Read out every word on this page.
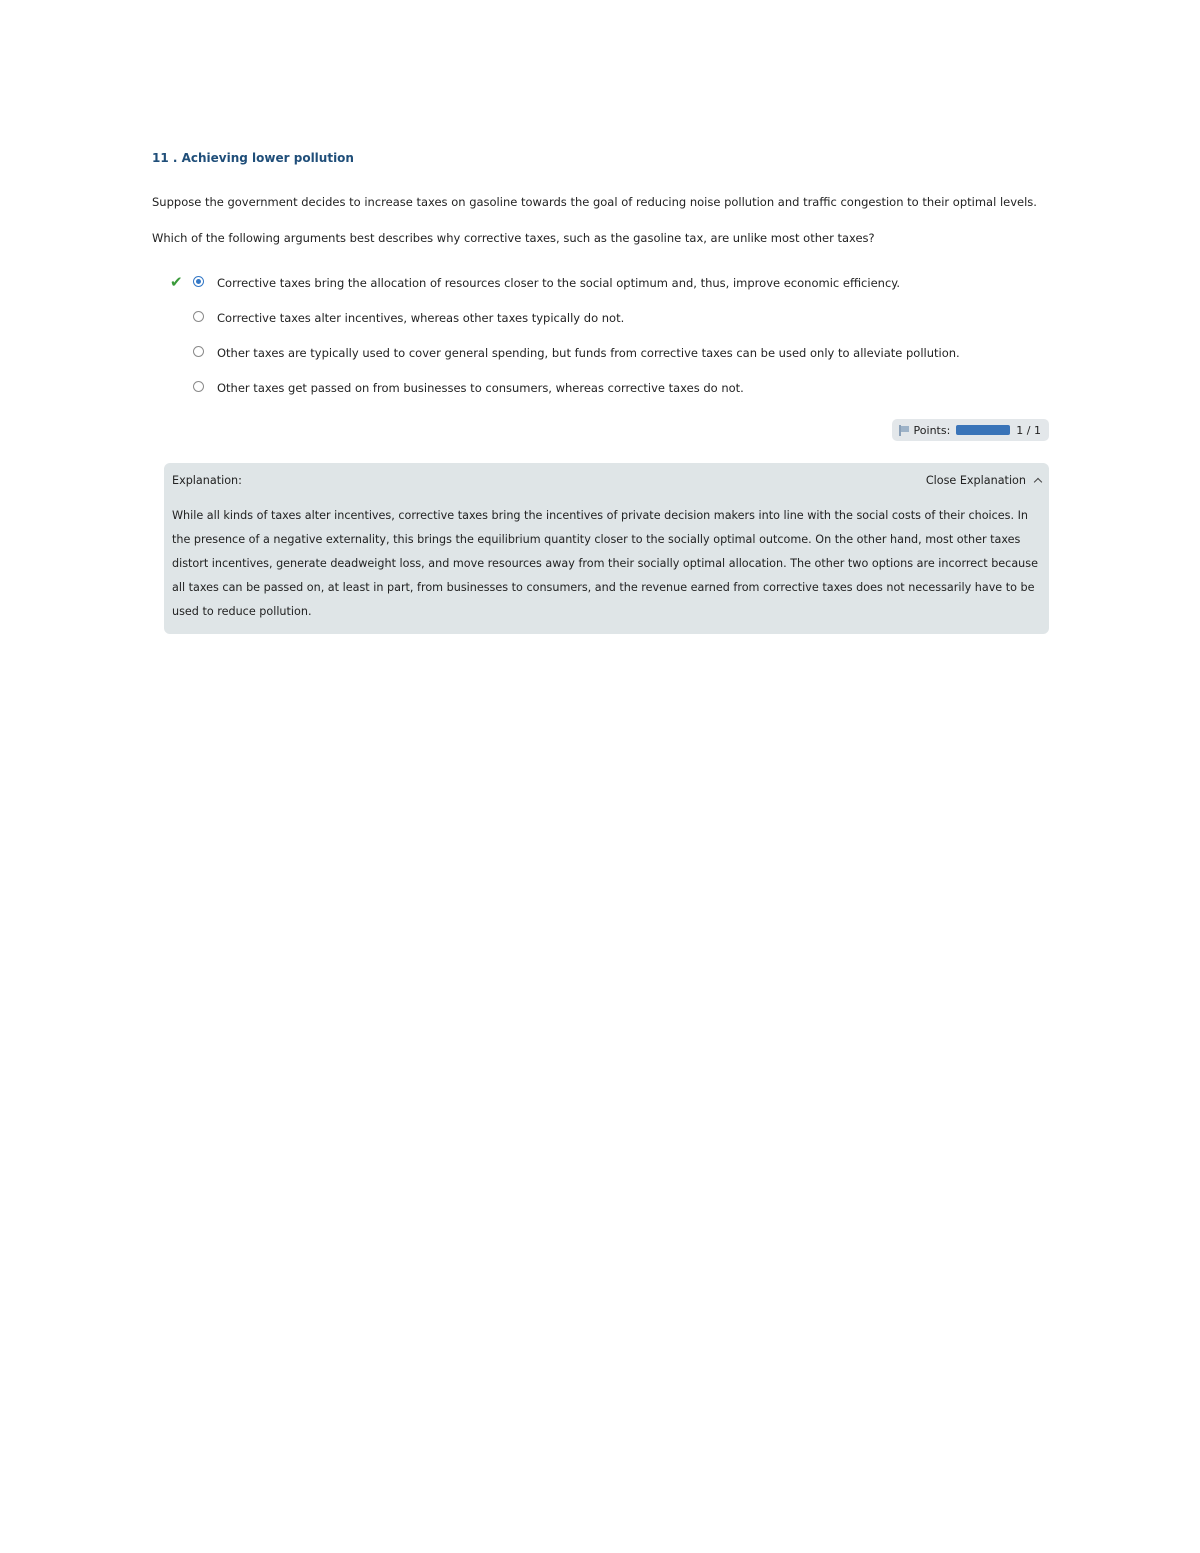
11 . Achieving lower pollution

Suppose the government decides to increase taxes on gasoline towards the goal of reducing noise pollution and traffic congestion to their optimal levels.

Which of the following arguments best describes why corrective taxes, such as the gasoline tax, are unlike most other taxes?

✔	Corrective taxes bring the allocation of resources closer to the social optimum and, thus, improve economic efficiency.
Corrective taxes alter incentives, whereas other taxes typically do not.
Other taxes are typically used to cover general spending, but funds from corrective taxes can be used only to alleviate pollution.
Other taxes get passed on from businesses to consumers, whereas corrective taxes do not.
Points:	1 / 1
Explanation:	Close Explanation

While all kinds of taxes alter incentives, corrective taxes bring the incentives of private decision makers into line with the social costs of their choices. In the presence of a negative externality, this brings the equilibrium quantity closer to the socially optimal outcome. On the other hand, most other taxes distort incentives, generate deadweight loss, and move resources away from their socially optimal allocation. The other two options are incorrect because all taxes can be passed on, at least in part, from businesses to consumers, and the revenue earned from corrective taxes does not necessarily have to be used to reduce pollution.
